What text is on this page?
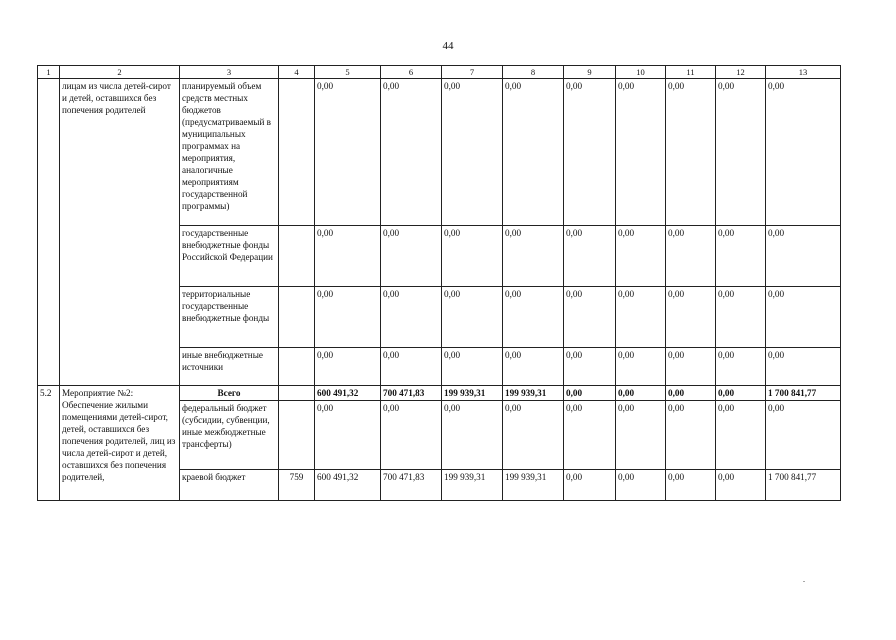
44
1	2	3	4	5	6	7	8	9	10	11	12	13
	лицам из числа детей-сирот и детей, оставшихся без попечения родителей	планируемый объем средств местных бюджетов (предусматриваемый в муниципальных программах на мероприятия, аналогичные мероприятиям государственной программы)		0,00	0,00	0,00	0,00	0,00	0,00	0,00	0,00	0,00
		государственные внебюджетные фонды Российской Федерации		0,00	0,00	0,00	0,00	0,00	0,00	0,00	0,00	0,00
		территориальные государственные внебюджетные фонды		0,00	0,00	0,00	0,00	0,00	0,00	0,00	0,00	0,00
		иные внебюджетные источники		0,00	0,00	0,00	0,00	0,00	0,00	0,00	0,00	0,00
5.2	Мероприятие №2: Обеспечение жилыми помещениями детей-сирот, детей, оставшихся без попечения родителей, лиц из числа детей-сирот и детей, оставшихся без попечения родителей,	Всего		600 491,32	700 471,83	199 939,31	199 939,31	0,00	0,00	0,00	0,00	1 700 841,77
		федеральный бюджет (субсидии, субвенции, иные межбюджетные трансферты)		0,00	0,00	0,00	0,00	0,00	0,00	0,00	0,00	0,00
		краевой бюджет	759	600 491,32	700 471,83	199 939,31	199 939,31	0,00	0,00	0,00	0,00	1 700 841,77
.
